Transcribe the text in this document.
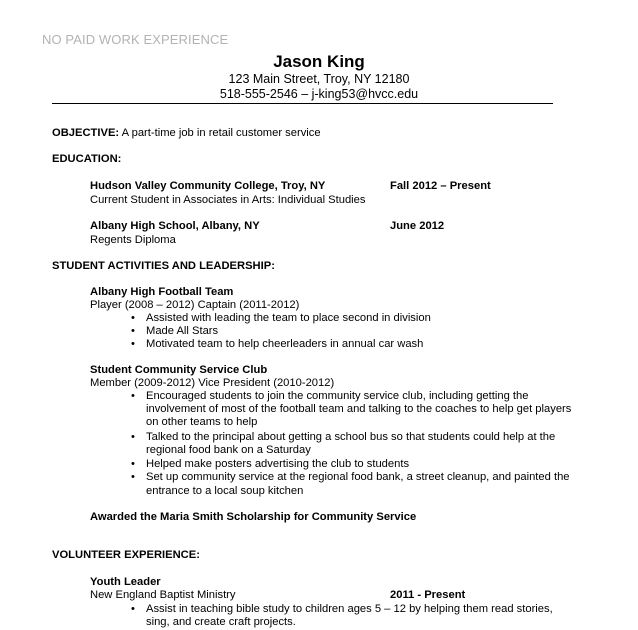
NO PAID WORK EXPERIENCE
Jason King
123 Main Street, Troy, NY 12180
518-555-2546 – j-king53@hvcc.edu
OBJECTIVE: A part-time job in retail customer service
EDUCATION:
Hudson Valley Community College, Troy, NY	Fall 2012 – Present
Current Student in Associates in Arts: Individual Studies
Albany High School, Albany, NY	June 2012
Regents Diploma
STUDENT ACTIVITIES AND LEADERSHIP:
Albany High Football Team
Player (2008 – 2012) Captain (2011-2012)
• Assisted with leading the team to place second in division
• Made All Stars
• Motivated team to help cheerleaders in annual car wash
Student Community Service Club
Member (2009-2012) Vice President (2010-2012)
• Encouraged students to join the community service club, including getting the
involvement of most of the football team and talking to the coaches to help get players
on other teams to help
• Talked to the principal about getting a school bus so that students could help at the
regional food bank on a Saturday
• Helped make posters advertising the club to students
• Set up community service at the regional food bank, a street cleanup, and painted the
entrance to a local soup kitchen
Awarded the Maria Smith Scholarship for Community Service
VOLUNTEER EXPERIENCE:
Youth Leader
New England Baptist Ministry	2011 - Present
• Assist in teaching bible study to children ages 5 – 12 by helping them read stories,
sing, and create craft projects.
